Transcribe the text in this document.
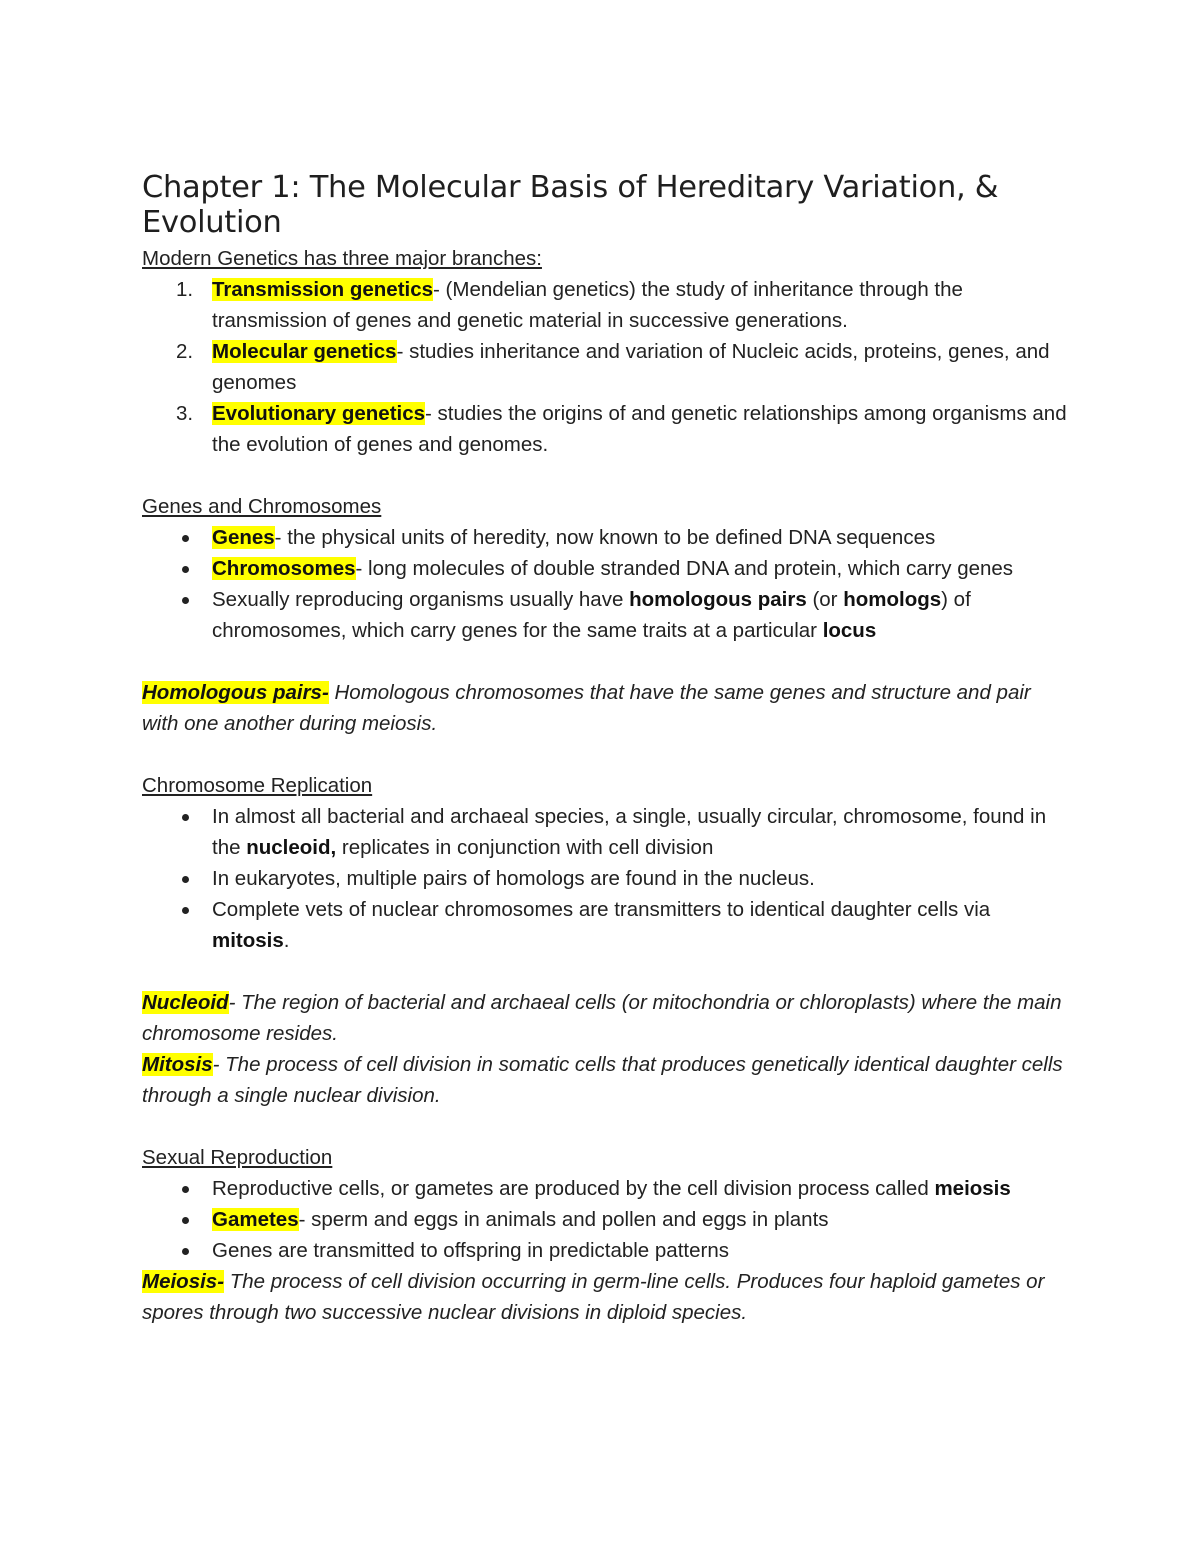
Chapter 1: The Molecular Basis of Hereditary Variation, & Evolution

Modern Genetics has three major branches:

1. Transmission genetics- (Mendelian genetics) the study of inheritance through the transmission of genes and genetic material in successive generations.
2. Molecular genetics- studies inheritance and variation of Nucleic acids, proteins, genes, and genomes
3. Evolutionary genetics- studies the origins of and genetic relationships among organisms and the evolution of genes and genomes.

Genes and Chromosomes

Genes- the physical units of heredity, now known to be defined DNA sequences
Chromosomes- long molecules of double stranded DNA and protein, which carry genes
Sexually reproducing organisms usually have homologous pairs (or homologs) of chromosomes, which carry genes for the same traits at a particular locus

Homologous pairs- Homologous chromosomes that have the same genes and structure and pair with one another during meiosis.

Chromosome Replication

In almost all bacterial and archaeal species, a single, usually circular, chromosome, found in the nucleoid, replicates in conjunction with cell division
In eukaryotes, multiple pairs of homologs are found in the nucleus.
Complete vets of nuclear chromosomes are transmitters to identical daughter cells via mitosis.

Nucleoid- The region of bacterial and archaeal cells (or mitochondria or chloroplasts) where the main chromosome resides.

Mitosis- The process of cell division in somatic cells that produces genetically identical daughter cells through a single nuclear division.

Sexual Reproduction

Reproductive cells, or gametes are produced by the cell division process called meiosis
Gametes- sperm and eggs in animals and pollen and eggs in plants
Genes are transmitted to offspring in predictable patterns

Meiosis- The process of cell division occurring in germ-line cells. Produces four haploid gametes or spores through two successive nuclear divisions in diploid species.
